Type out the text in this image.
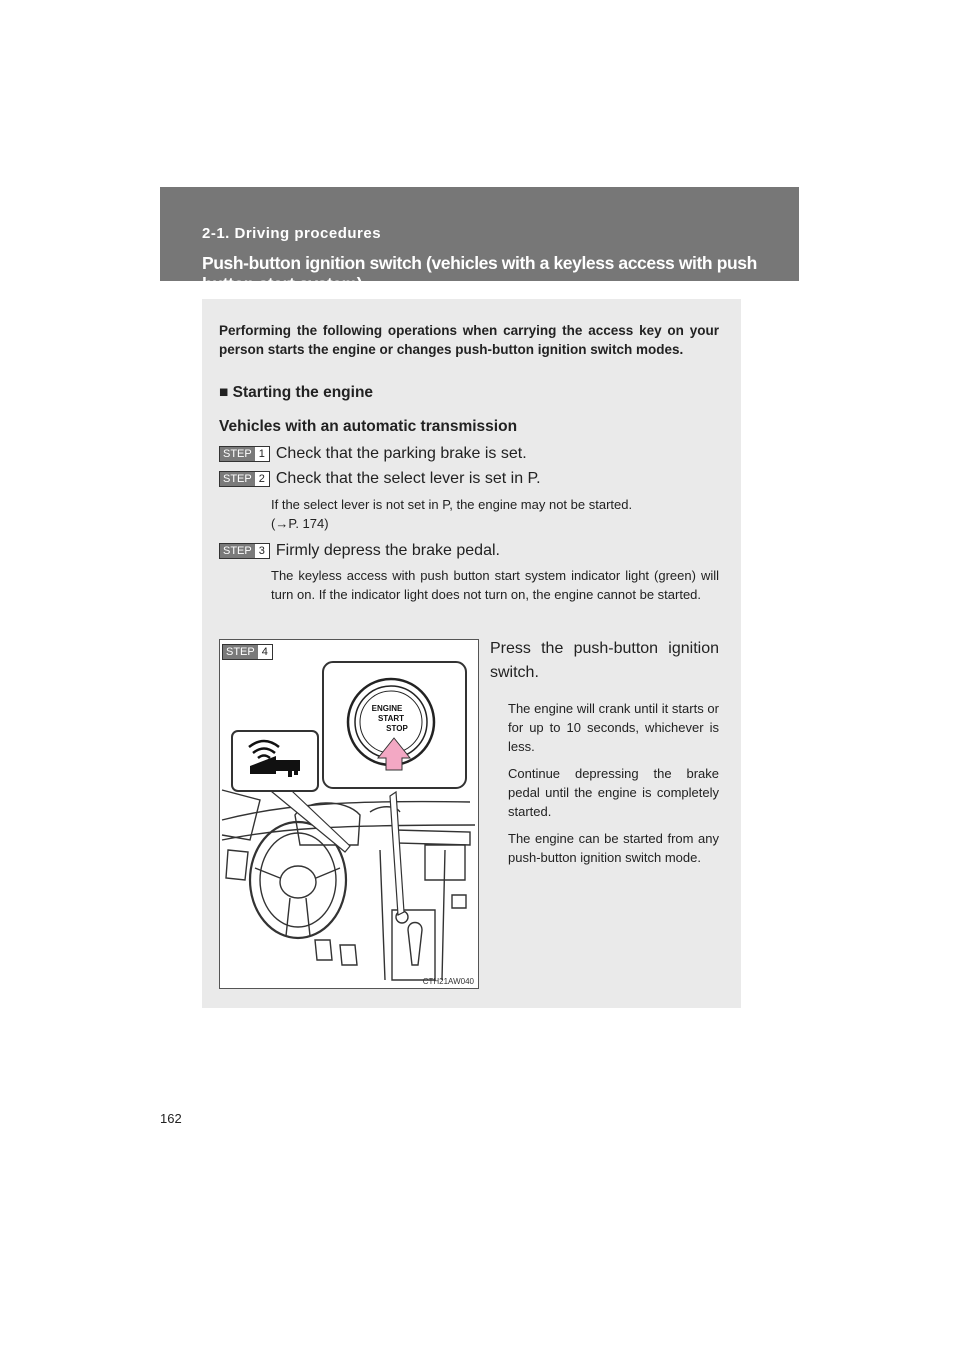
2-1. Driving procedures
Push-button ignition switch (vehicles with a keyless access with push button start system)
Performing the following operations when carrying the access key on your person starts the engine or changes push-button ignition switch modes.
■ Starting the engine
Vehicles with an automatic transmission
STEP 1 Check that the parking brake is set.
STEP 2 Check that the select lever is set in P.
If the select lever is not set in P, the engine may not be started.
(→P. 174)
STEP 3 Firmly depress the brake pedal.
The keyless access with push button start system indicator light (green) will turn on. If the indicator light does not turn on, the engine cannot be started.
STEP 4
ENGINE
START
STOP
CTH21AW040

Press the push-button ignition switch.

The engine will crank until it starts or for up to 10 seconds, whichever is less.

Continue depressing the brake pedal until the engine is completely started.

The engine can be started from any push-button ignition switch mode.

162
